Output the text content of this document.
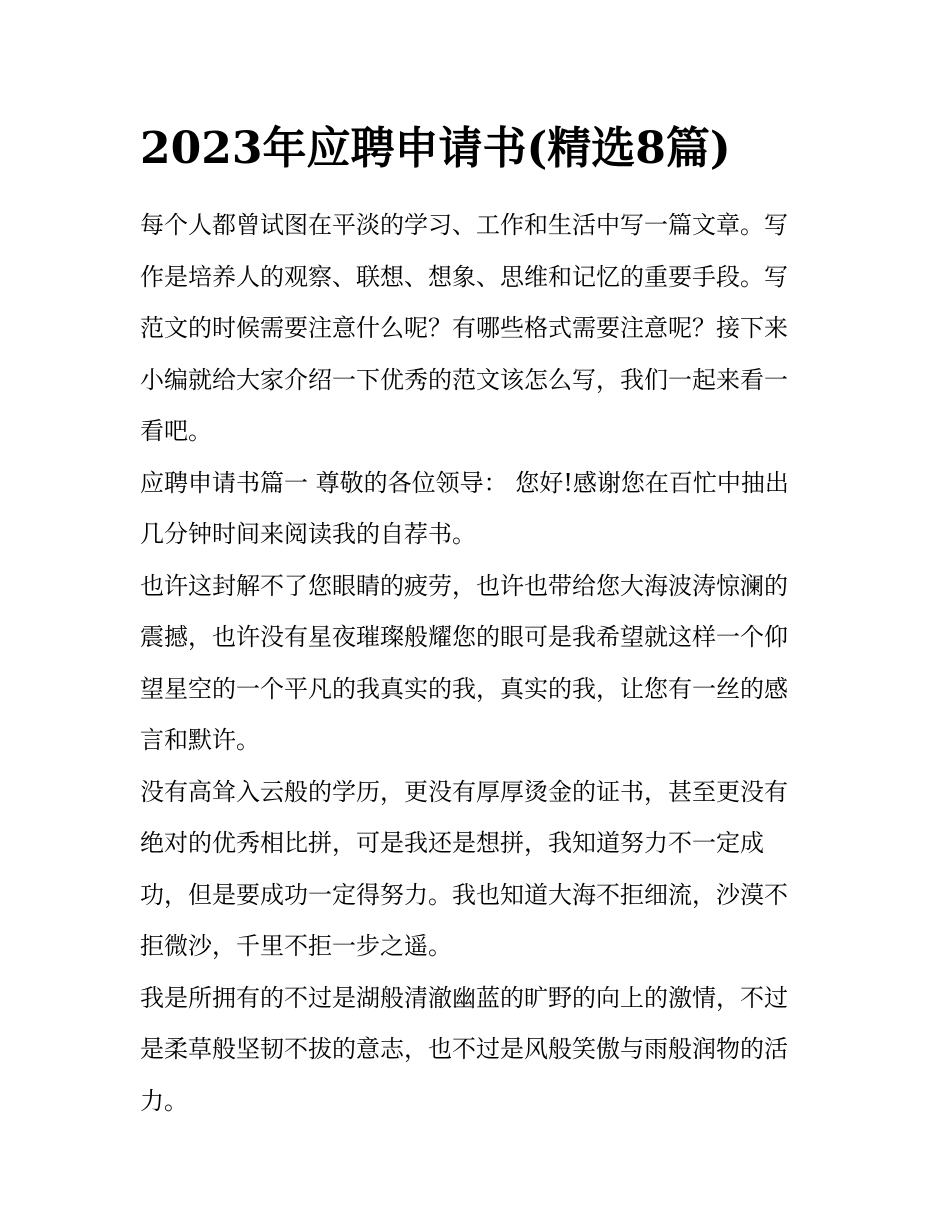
2023年应聘申请书(精选8篇)

每个人都曾试图在平淡的学习、工作和生活中写一篇文章。写

作是培养人的观察、联想、想象、思维和记忆的重要手段。写

范文的时候需要注意什么呢？有哪些格式需要注意呢？接下来

小编就给大家介绍一下优秀的范文该怎么写，我们一起来看一

看吧。

应聘申请书篇一 尊敬的各位领导： 您好!感谢您在百忙中抽出

几分钟时间来阅读我的自荐书。

也许这封解不了您眼睛的疲劳，也许也带给您大海波涛惊澜的

震撼，也许没有星夜璀璨般耀您的眼可是我希望就这样一个仰

望星空的一个平凡的我真实的我，真实的我，让您有一丝的感

言和默许。

没有高耸入云般的学历，更没有厚厚烫金的证书，甚至更没有

绝对的优秀相比拼，可是我还是想拼，我知道努力不一定成

功，但是要成功一定得努力。我也知道大海不拒细流，沙漠不

拒微沙，千里不拒一步之遥。

我是所拥有的不过是湖般清澈幽蓝的旷野的向上的激情，不过

是柔草般坚韧不拔的意志，也不过是风般笑傲与雨般润物的活

力。
